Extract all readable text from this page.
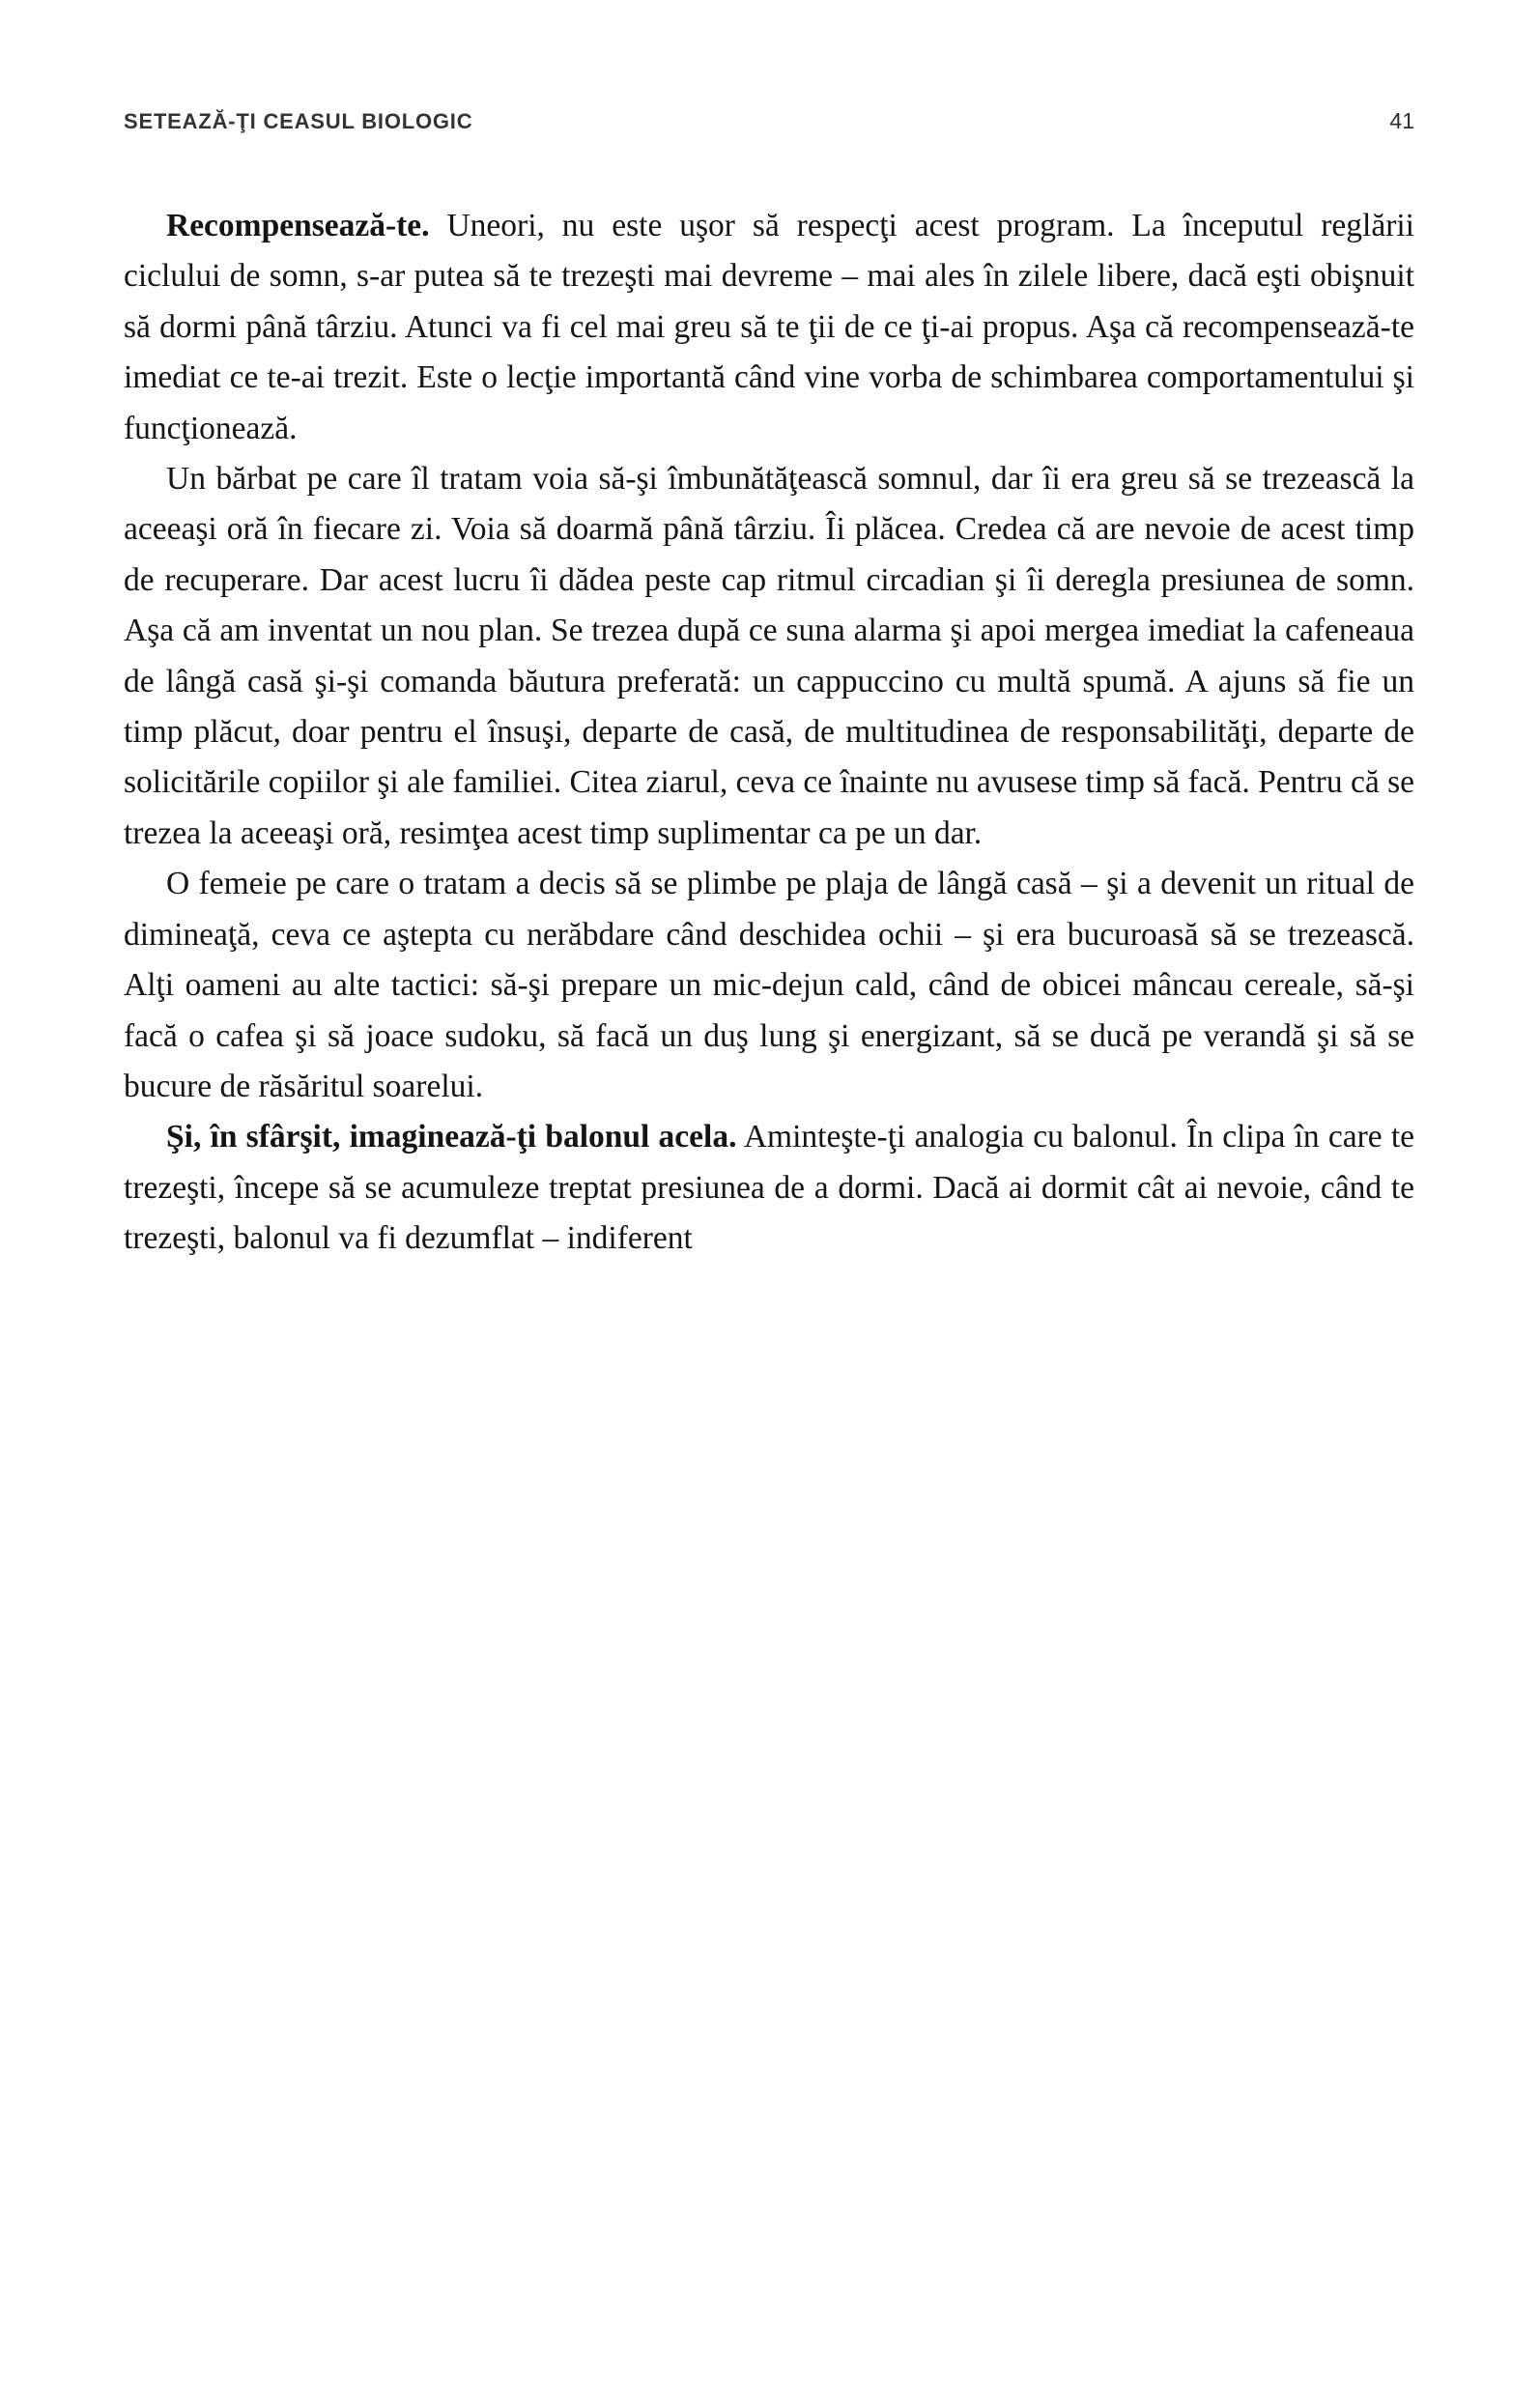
SETEAZĂ-ŢI CEASUL BIOLOGIC	41

Recompensează-te. Uneori, nu este uşor să respecţi acest program. La începutul reglării ciclului de somn, s-ar putea să te trezeşti mai devreme – mai ales în zilele libere, dacă eşti obişnuit să dormi până târziu. Atunci va fi cel mai greu să te ţii de ce ţi-ai propus. Aşa că recompensează-te imediat ce te-ai trezit. Este o lecţie importantă când vine vorba de schimbarea comportamentului şi funcţionează.

Un bărbat pe care îl tratam voia să-şi îmbunătăţească somnul, dar îi era greu să se trezească la aceeaşi oră în fiecare zi. Voia să doarmă până târziu. Îi plăcea. Credea că are nevoie de acest timp de recuperare. Dar acest lucru îi dădea peste cap ritmul circadian şi îi deregla presiunea de somn. Aşa că am inventat un nou plan. Se trezea după ce suna alarma şi apoi mergea imediat la cafeneaua de lângă casă şi-şi comanda băutura preferată: un cappuccino cu multă spumă. A ajuns să fie un timp plăcut, doar pentru el însuşi, departe de casă, de multitudinea de responsabilităţi, departe de solicitările copiilor şi ale familiei. Citea ziarul, ceva ce înainte nu avusese timp să facă. Pentru că se trezea la aceeaşi oră, resimţea acest timp suplimentar ca pe un dar.

O femeie pe care o tratam a decis să se plimbe pe plaja de lângă casă – şi a devenit un ritual de dimineaţă, ceva ce aştepta cu nerăbdare când deschidea ochii – şi era bucuroasă să se trezească. Alţi oameni au alte tactici: să-şi prepare un mic-dejun cald, când de obicei mâncau cereale, să-şi facă o cafea şi să joace sudoku, să facă un duş lung şi energizant, să se ducă pe verandă şi să se bucure de răsăritul soarelui.

Şi, în sfârşit, imaginează-ţi balonul acela. Aminteşte-ţi analogia cu balonul. În clipa în care te trezeşti, începe să se acumuleze treptat presiunea de a dormi. Dacă ai dormit cât ai nevoie, când te trezeşti, balonul va fi dezumflat – indiferent
